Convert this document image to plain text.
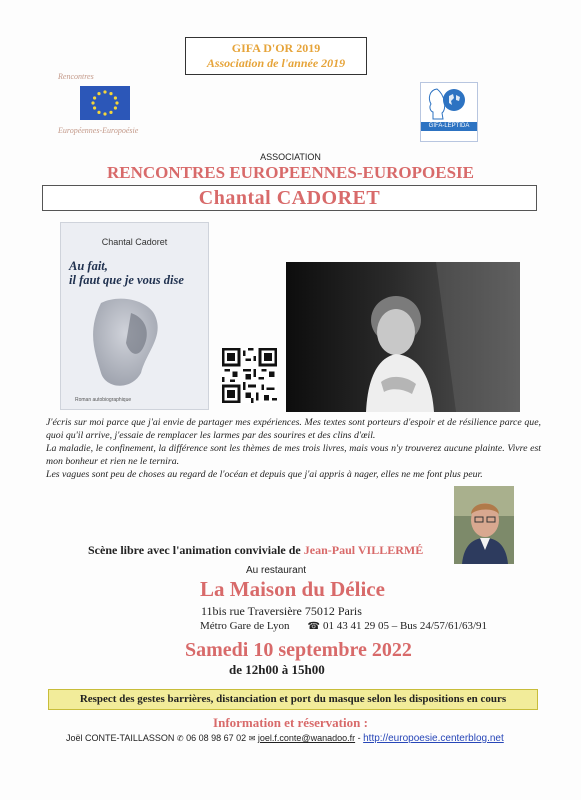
GIFA D'OR 2019
Association de l'année 2019
Rencontres
Européennes-Europoésie	GIFA-LEPTIDA
ASSOCIATION
RENCONTRES EUROPEENNES-EUROPOESIE
Chantal CADORET
Chantal Cadoret
Au fait,
il faut que je vous dise
Roman autobiographique

J'écris sur moi parce que j'ai envie de partager mes expériences. Mes textes sont porteurs d'espoir et de résilience parce que, quoi qu'il arrive, j'essaie de remplacer les larmes par des sourires et des clins d'œil.

La maladie, le confinement, la différence sont les thèmes de mes trois livres, mais vous n'y trouverez aucune plainte. Vivre est mon bonheur et rien ne le ternira.

Les vagues sont peu de choses au regard de l'océan et depuis que j'ai appris à nager, elles ne me font plus peur.

Scène libre avec l'animation conviviale de Jean-Paul VILLERMÉ
Au restaurant
La Maison du Délice
11bis rue Traversière 75012 Paris
Métro Gare de Lyon ☎ 01 43 41 29 05 – Bus 24/57/61/63/91
Samedi 10 septembre 2022
de 12h00 à 15h00
Respect des gestes barrières, distanciation et port du masque selon les dispositions en cours
Information et réservation :
Joël CONTE-TAILLASSON ✆ 06 08 98 67 02 ✉ joel.f.conte@wanadoo.fr - http://europoesie.centerblog.net
